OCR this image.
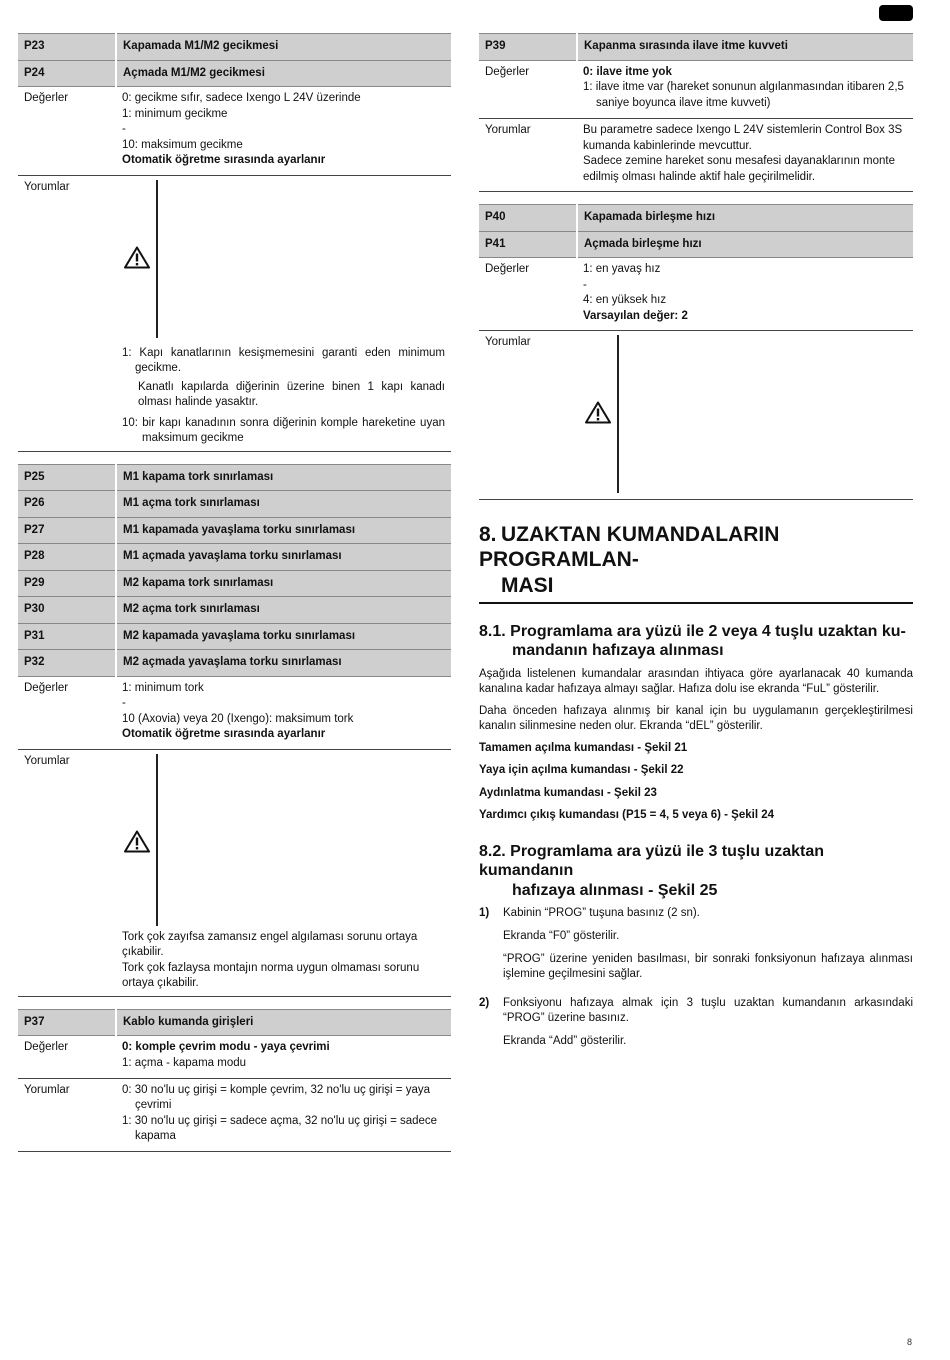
P23	Kapamada M1/M2 gecikmesi
P24	Açmada M1/M2 gecikmesi
Değerler	0: gecikme sıfır, sadece Ixengo L 24V üzerinde
1: minimum gecikme
-
10: maksimum gecikme
Otomatik öğretme sırasında ayarlanır

Yorumlar	1: Kapı kanatlarının kesişmemesini garanti eden minimum gecikme.
Kanatlı kapılarda diğerinin üzerine binen 1 kapı kanadı olması halinde yasaktır.
10: bir kapı kanadının sonra diğerinin komple hareketine uyan maksimum gecikme
P25	M1 kapama tork sınırlaması
P26	M1 açma tork sınırlaması
P27	M1 kapamada yavaşlama torku sınırlaması
P28	M1 açmada yavaşlama torku sınırlaması
P29	M2 kapama tork sınırlaması
P30	M2 açma tork sınırlaması
P31	M2 kapamada yavaşlama torku sınırlaması
P32	M2 açmada yavaşlama torku sınırlaması
Değerler	1: minimum tork
-
10 (Axovia) veya 20 (Ixengo): maksimum tork
Otomatik öğretme sırasında ayarlanır

Yorumlar	Tork çok zayıfsa zamansız engel algılaması sorunu ortaya çıkabilir.
Tork çok fazlaysa montajın norma uygun olmaması sorunu ortaya çıkabilir.
P37	Kablo kumanda girişleri
Değerler	0: komple çevrim modu - yaya çevrimi
1: açma - kapama modu

Yorumlar	0: 30 no'lu uç girişi = komple çevrim, 32 no'lu uç girişi = yaya çevrimi
1: 30 no'lu uç girişi = sadece açma, 32 no'lu uç girişi = sadece kapama
P39	Kapanma sırasında ilave itme kuvveti
Değerler	0: ilave itme yok
1: ilave itme var (hareket sonunun algılanmasından itibaren 2,5 saniye boyunca ilave itme kuvveti)

Yorumlar	Bu parametre sadece Ixengo L 24V sistemlerin Control Box 3S kumanda kabinlerinde mevcuttur.
Sadece zemine hareket sonu mesafesi dayanaklarının monte edilmiş olması halinde aktif hale geçirilmelidir.
P40	Kapamada birleşme hızı
P41	Açmada birleşme hızı
Değerler	1: en yavaş hız
-
4: en yüksek hız
Varsayılan değer: 2

Yorumlar	
8. UZAKTAN KUMANDALARIN PROGRAMLAN-
MASI
8.1. Programlama ara yüzü ile 2 veya 4 tuşlu uzaktan ku-
mandanın hafızaya alınması

Aşağıda listelenen kumandalar arasından ihtiyaca göre ayarlanacak 40 kumanda kanalına kadar hafızaya almayı sağlar. Hafıza dolu ise ekranda “FuL” gösterilir.

Daha önceden hafızaya alınmış bir kanal için bu uygulamanın gerçekleştirilmesi kanalın silinmesine neden olur. Ekranda “dEL” gösterilir.

Tamamen açılma kumandası - Şekil 21

Yaya için açılma kumandası - Şekil 22

Aydınlatma kumandası - Şekil 23

Yardımcı çıkış kumandası (P15 = 4, 5 veya 6) - Şekil 24

8.2. Programlama ara yüzü ile 3 tuşlu uzaktan kumandanın
hafızaya alınması - Şekil 25
1)	Kabinin “PROG” tuşuna basınız (2 sn).

Ekranda “F0” gösterilir.

“PROG” üzerine yeniden basılması, bir sonraki fonksiyonun hafızaya alınması işlemine geçilmesini sağlar.

2)	Fonksiyonu hafızaya almak için 3 tuşlu uzaktan kumandanın arkasındaki “PROG” üzerine basınız.

Ekranda “Add” gösterilir.

8
